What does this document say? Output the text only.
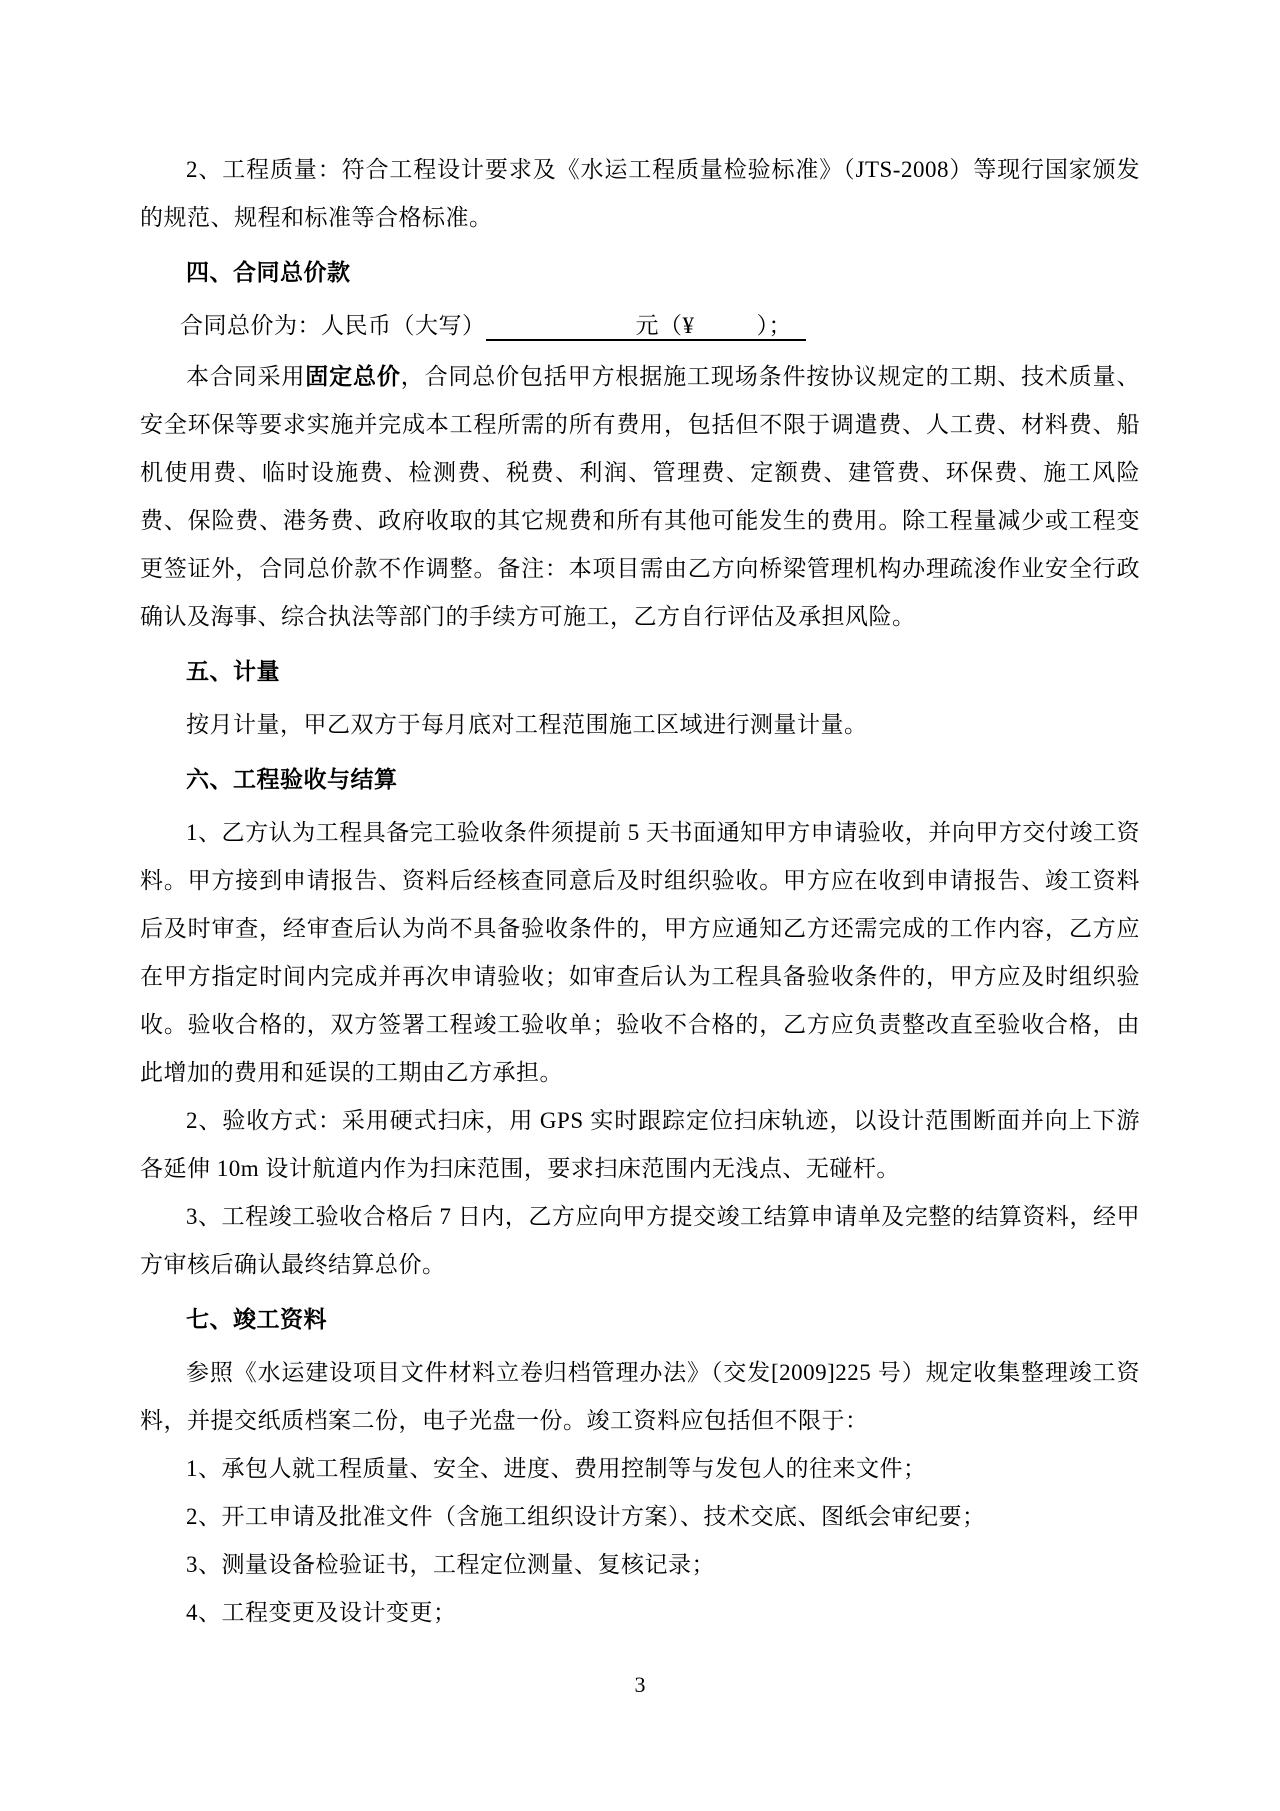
2、工程质量：符合工程设计要求及《水运工程质量检验标准》（JTS-2008）等现行国家颁发的规范、规程和标准等合格标准。
四、合同总价款
合同总价为：人民币（大写）	元（¥	）；
本合同采用固定总价，合同总价包括甲方根据施工现场条件按协议规定的工期、技术质量、安全环保等要求实施并完成本工程所需的所有费用，包括但不限于调遣费、人工费、材料费、船机使用费、临时设施费、检测费、税费、利润、管理费、定额费、建管费、环保费、施工风险费、保险费、港务费、政府收取的其它规费和所有其他可能发生的费用。除工程量减少或工程变更签证外，合同总价款不作调整。备注：本项目需由乙方向桥梁管理机构办理疏浚作业安全行政确认及海事、综合执法等部门的手续方可施工，乙方自行评估及承担风险。
五、计量
按月计量，甲乙双方于每月底对工程范围施工区域进行测量计量。
六、工程验收与结算
1、乙方认为工程具备完工验收条件须提前 5 天书面通知甲方申请验收，并向甲方交付竣工资料。甲方接到申请报告、资料后经核查同意后及时组织验收。甲方应在收到申请报告、竣工资料后及时审查，经审查后认为尚不具备验收条件的，甲方应通知乙方还需完成的工作内容，乙方应在甲方指定时间内完成并再次申请验收；如审查后认为工程具备验收条件的，甲方应及时组织验收。验收合格的，双方签署工程竣工验收单；验收不合格的，乙方应负责整改直至验收合格，由此增加的费用和延误的工期由乙方承担。
2、验收方式：采用硬式扫床，用 GPS 实时跟踪定位扫床轨迹，以设计范围断面并向上下游各延伸 10m 设计航道内作为扫床范围，要求扫床范围内无浅点、无碰杆。
3、工程竣工验收合格后 7 日内，乙方应向甲方提交竣工结算申请单及完整的结算资料，经甲方审核后确认最终结算总价。
七、竣工资料
参照《水运建设项目文件材料立卷归档管理办法》（交发[2009]225 号）规定收集整理竣工资料，并提交纸质档案二份，电子光盘一份。竣工资料应包括但不限于：
1、承包人就工程质量、安全、进度、费用控制等与发包人的往来文件；
2、开工申请及批准文件（含施工组织设计方案）、技术交底、图纸会审纪要；
3、测量设备检验证书，工程定位测量、复核记录；
4、工程变更及设计变更；
3
